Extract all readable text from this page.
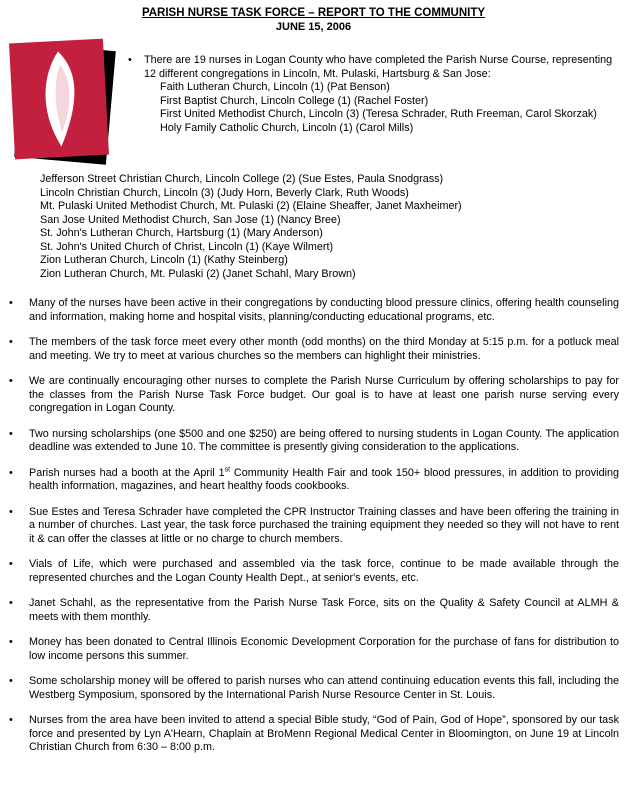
PARISH NURSE TASK FORCE – REPORT TO THE COMMUNITY
JUNE 15, 2006
•	There are 19 nurses in Logan County who have completed the Parish Nurse Course, representing 12 different congregations in Lincoln, Mt. Pulaski, Hartsburg & San Jose:
Faith Lutheran Church, Lincoln (1) (Pat Benson)
First Baptist Church, Lincoln College (1) (Rachel Foster)
First United Methodist Church, Lincoln (3) (Teresa Schrader, Ruth Freeman, Carol Skorzak)
Holy Family Catholic Church, Lincoln (1) (Carol Mills)
Jefferson Street Christian Church, Lincoln College (2) (Sue Estes, Paula Snodgrass)
Lincoln Christian Church, Lincoln (3) (Judy Horn, Beverly Clark, Ruth Woods)
Mt. Pulaski United Methodist Church, Mt. Pulaski (2) (Elaine Sheaffer, Janet Maxheimer)
San Jose United Methodist Church, San Jose (1) (Nancy Bree)
St. John's Lutheran Church, Hartsburg (1) (Mary Anderson)
St. John's United Church of Christ, Lincoln (1) (Kaye Wilmert)
Zion Lutheran Church, Lincoln (1) (Kathy Steinberg)
Zion Lutheran Church, Mt. Pulaski (2) (Janet Schahl, Mary Brown)
•	Many of the nurses have been active in their congregations by conducting blood pressure clinics, offering health counseling and information, making home and hospital visits, planning/conducting educational programs, etc.
•	The members of the task force meet every other month (odd months) on the third Monday at 5:15 p.m. for a potluck meal and meeting. We try to meet at various churches so the members can highlight their ministries.
•	We are continually encouraging other nurses to complete the Parish Nurse Curriculum by offering scholarships to pay for the classes from the Parish Nurse Task Force budget. Our goal is to have at least one parish nurse serving every congregation in Logan County.
•	Two nursing scholarships (one $500 and one $250) are being offered to nursing students in Logan County. The application deadline was extended to June 10. The committee is presently giving consideration to the applications.
•	Parish nurses had a booth at the April 1st Community Health Fair and took 150+ blood pressures, in addition to providing health information, magazines, and heart healthy foods cookbooks.
•	Sue Estes and Teresa Schrader have completed the CPR Instructor Training classes and have been offering the training in a number of churches. Last year, the task force purchased the training equipment they needed so they will not have to rent it & can offer the classes at little or no charge to church members.
•	Vials of Life, which were purchased and assembled via the task force, continue to be made available through the represented churches and the Logan County Health Dept., at senior's events, etc.
•	Janet Schahl, as the representative from the Parish Nurse Task Force, sits on the Quality & Safety Council at ALMH & meets with them monthly.
•	Money has been donated to Central Illinois Economic Development Corporation for the purchase of fans for distribution to low income persons this summer.
•	Some scholarship money will be offered to parish nurses who can attend continuing education events this fall, including the Westberg Symposium, sponsored by the International Parish Nurse Resource Center in St. Louis.
•	Nurses from the area have been invited to attend a special Bible study, “God of Pain, God of Hope”, sponsored by our task force and presented by Lyn A'Hearn, Chaplain at BroMenn Regional Medical Center in Bloomington, on June 19 at Lincoln Christian Church from 6:30 – 8:00 p.m.
